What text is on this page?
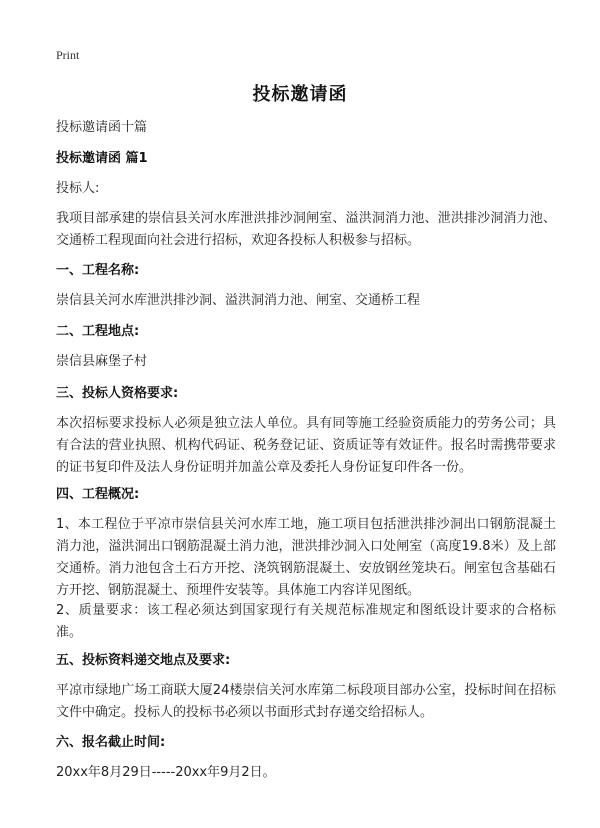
Print
投标邀请函
投标邀请函十篇
投标邀请函 篇1
投标人:
我项目部承建的崇信县关河水库泄洪排沙洞闸室、溢洪洞消力池、泄洪排沙洞消力池、交通桥工程现面向社会进行招标，欢迎各投标人积极参与招标。
一、工程名称:
崇信县关河水库泄洪排沙洞、溢洪洞消力池、闸室、交通桥工程
二、工程地点:
崇信县麻堡子村
三、投标人资格要求:
本次招标要求投标人必须是独立法人单位。具有同等施工经验资质能力的劳务公司；具有合法的营业执照、机构代码证、税务登记证、资质证等有效证件。报名时需携带要求的证书复印件及法人身份证明并加盖公章及委托人身份证复印件各一份。
四、工程概况:
1、本工程位于平凉市崇信县关河水库工地，施工项目包括泄洪排沙洞出口钢筋混凝土消力池，溢洪洞出口钢筋混凝土消力池，泄洪排沙洞入口处闸室（高度19.8米）及上部交通桥。消力池包含土石方开挖、浇筑钢筋混凝土、安放钢丝笼块石。闸室包含基础石方开挖、钢筋混凝土、预埋件安装等。具体施工内容详见图纸。
2、质量要求：该工程必须达到国家现行有关规范标准规定和图纸设计要求的合格标准。
五、投标资料递交地点及要求:
平凉市绿地广场工商联大厦24楼崇信关河水库第二标段项目部办公室，投标时间在招标文件中确定。投标人的投标书必须以书面形式封存递交给招标人。
六、报名截止时间:
20xx年8月29日-----20xx年9月2日。
